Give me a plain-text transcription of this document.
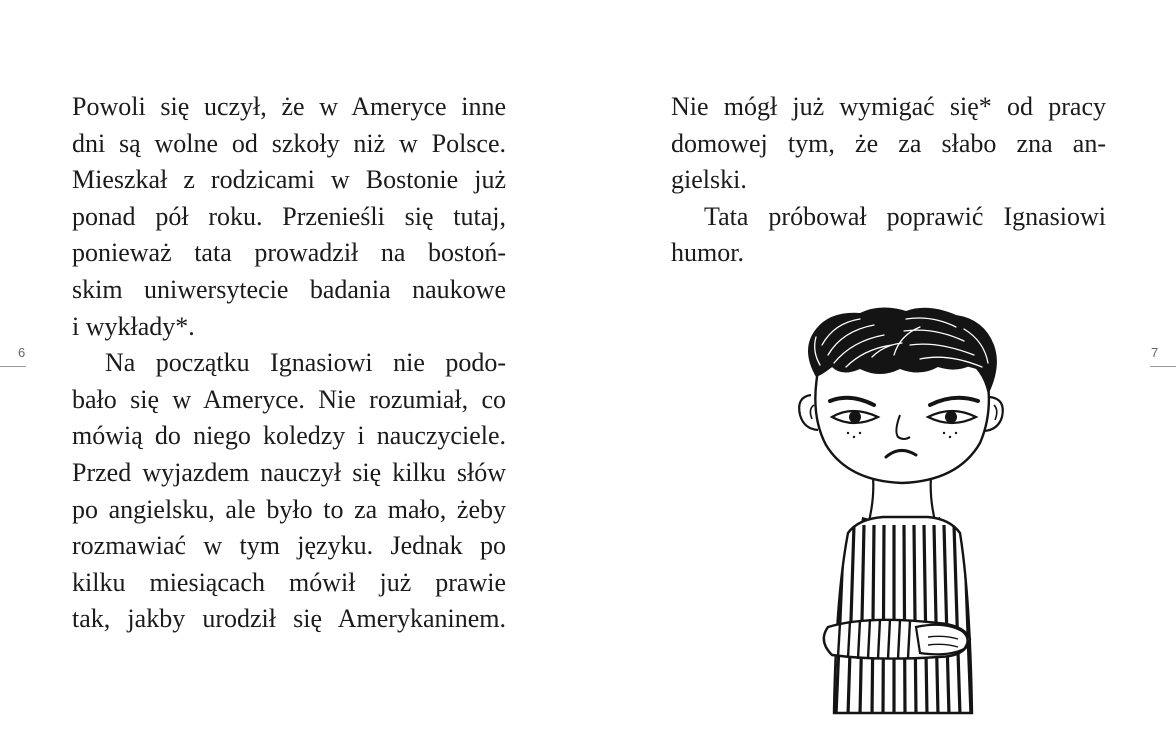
Powoli się uczył, że w Ameryce inne
dni są wolne od szkoły niż w Polsce.
Mieszkał z rodzicami w Bostonie już
ponad pół roku. Przenieśli się tutaj,
ponieważ tata prowadził na bostoń-
skim uniwersytecie badania naukowe
i wykłady*.
Na początku Ignasiowi nie podo-
bało się w Ameryce. Nie rozumiał, co
mówią do niego koledzy i nauczyciele.
Przed wyjazdem nauczył się kilku słów
po angielsku, ale było to za mało, żeby
rozmawiać w tym języku. Jednak po
kilku miesiącach mówił już prawie
tak, jakby urodził się Amerykaninem.
6
Nie mógł już wymigać się* od pracy
domowej tym, że za słabo zna an-
gielski.
Tata próbował poprawić Ignasiowi
humor.
7
